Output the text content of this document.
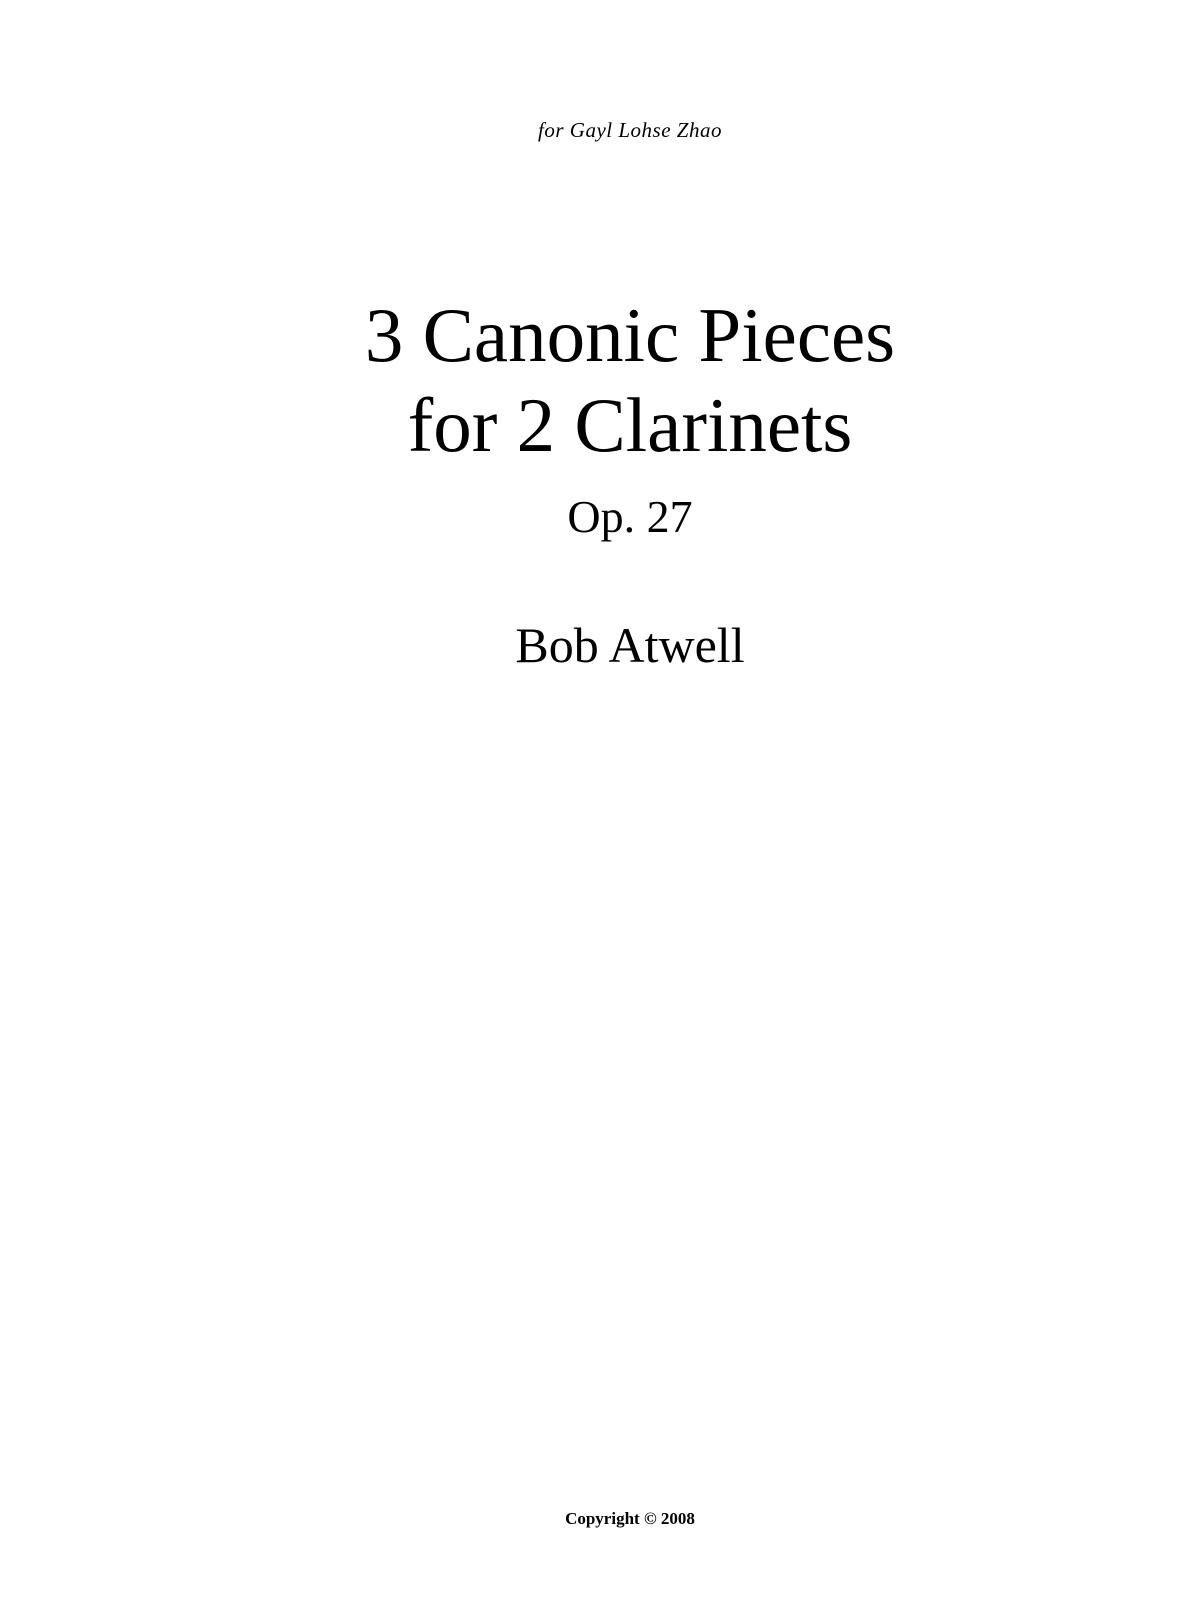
for Gayl Lohse Zhao
3 Canonic Pieces
for 2 Clarinets
Op. 27
Bob Atwell
Copyright © 2008
